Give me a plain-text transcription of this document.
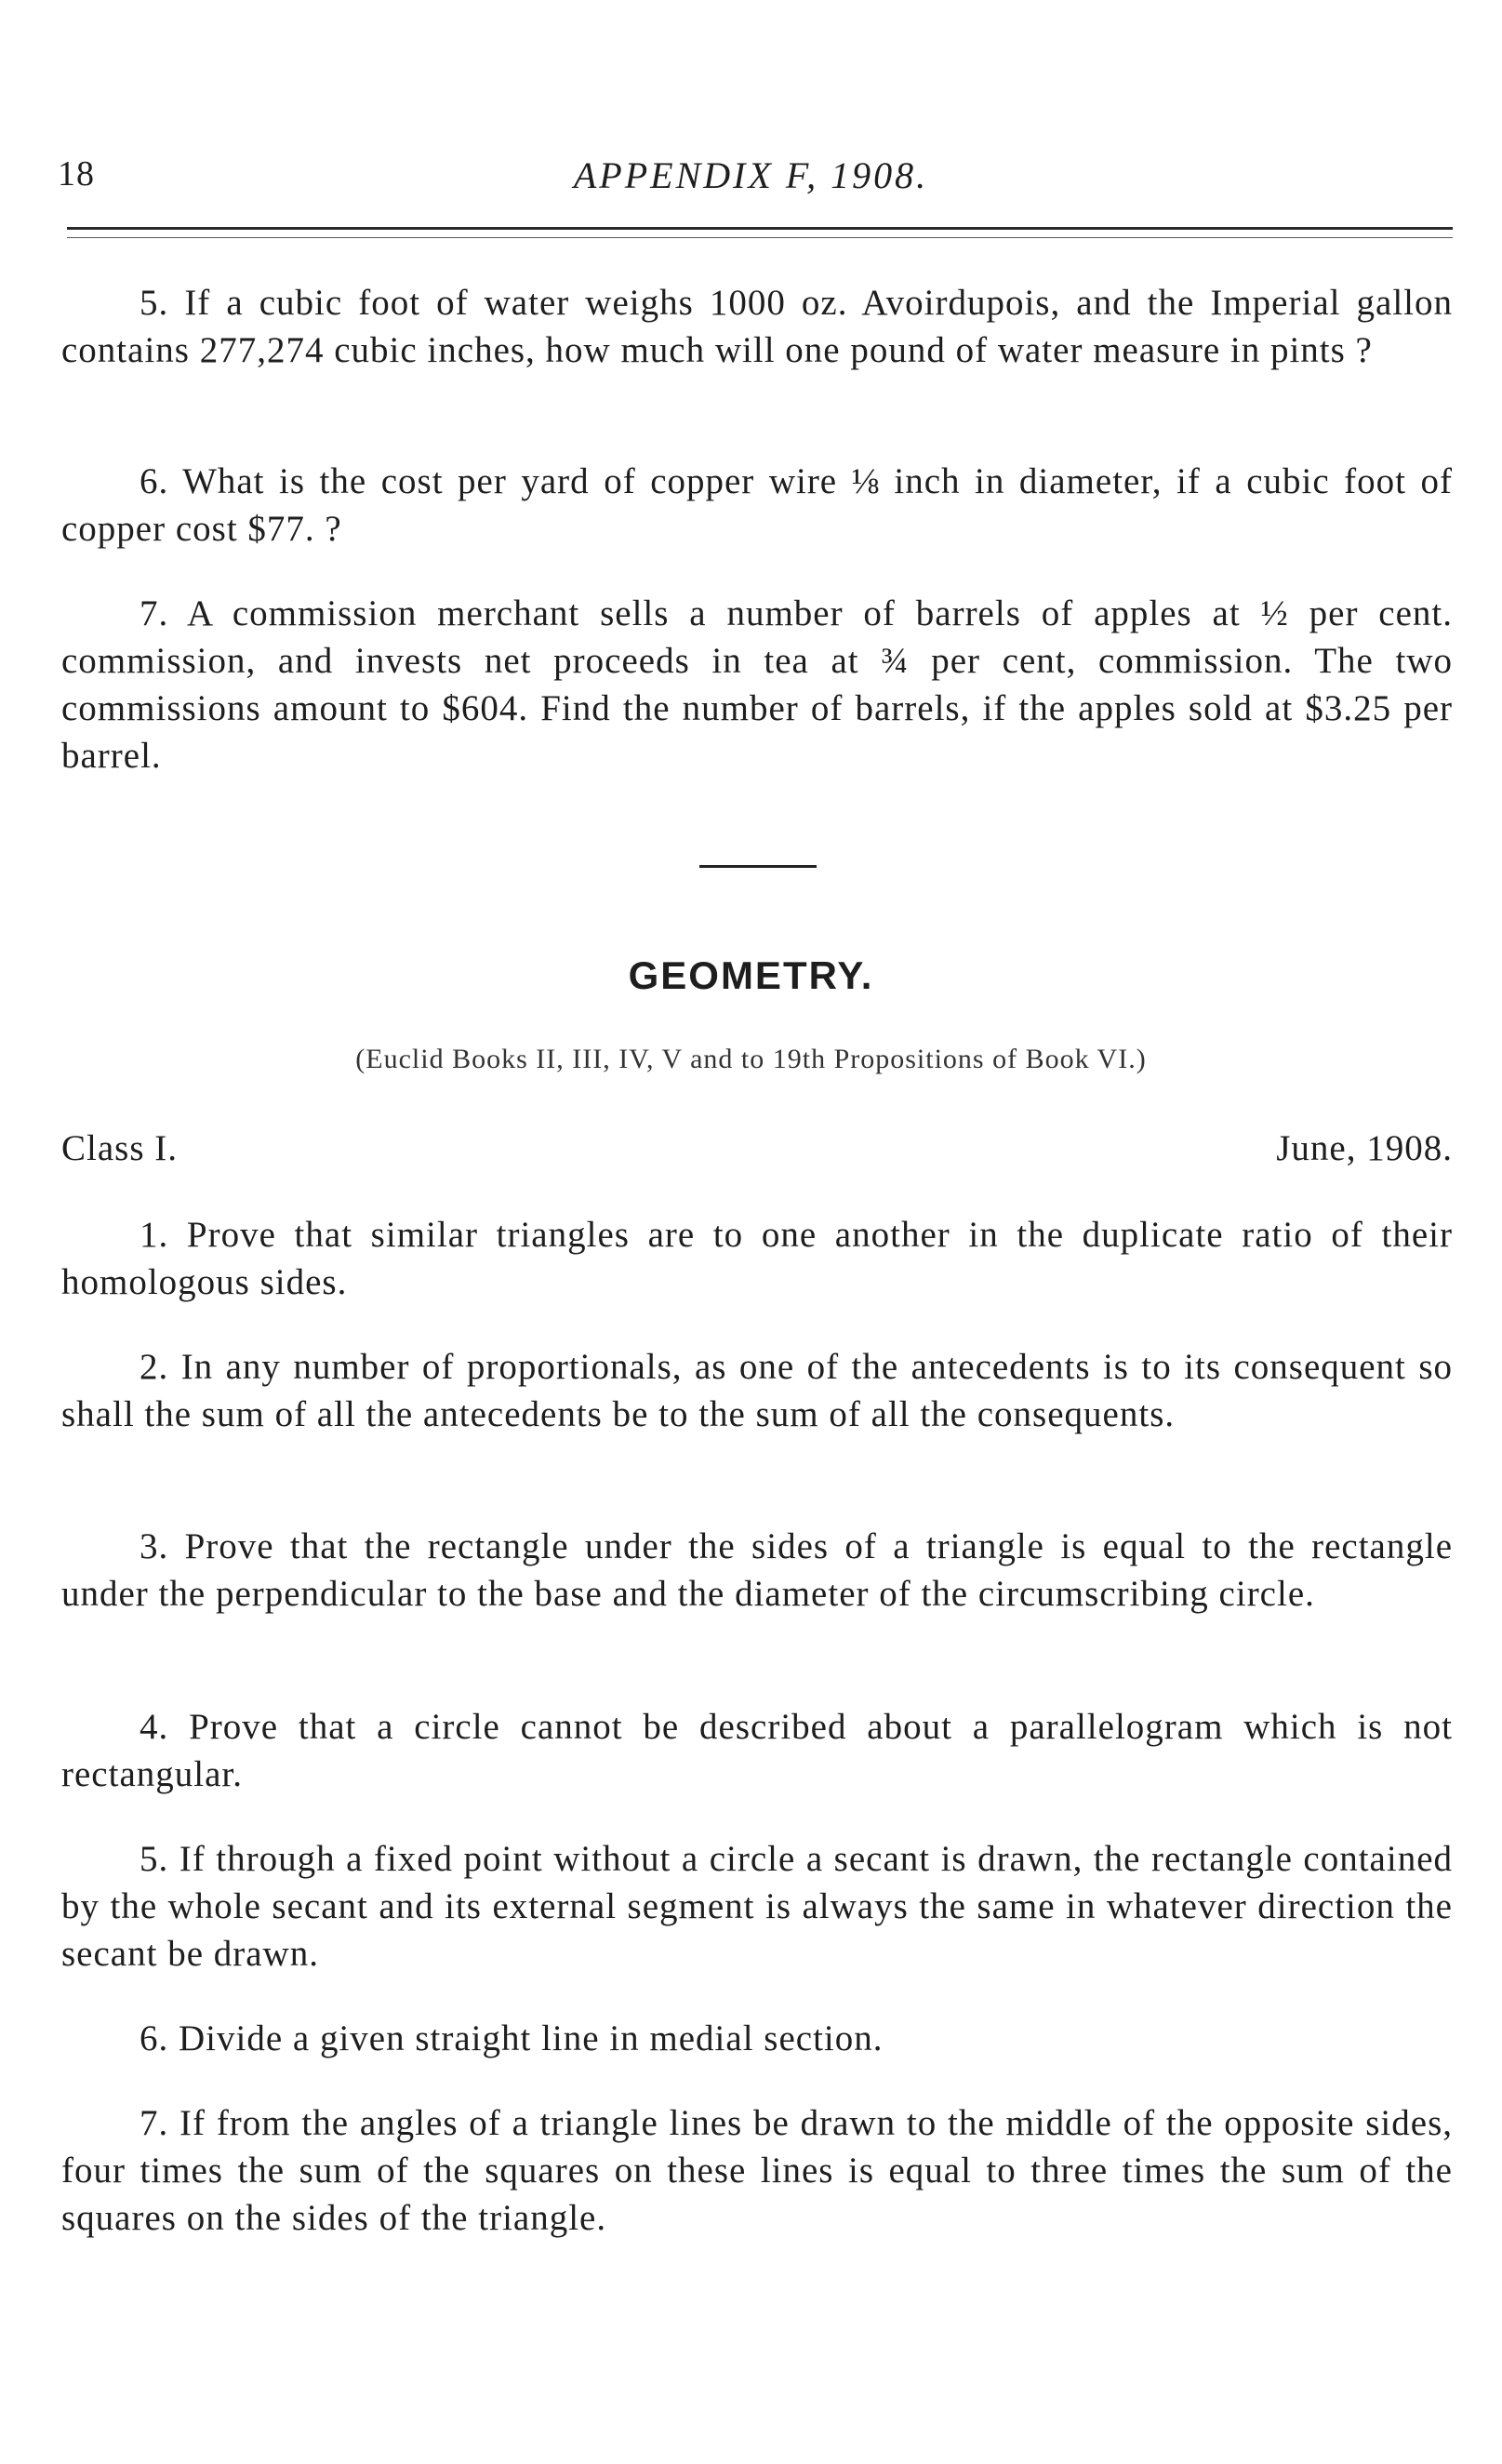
18	APPENDIX F, 1908.

5. If a cubic foot of water weighs 1000 oz. Avoirdupois, and the Imperial gallon contains 277,274 cubic inches, how much will one pound of water measure in pints ?

6. What is the cost per yard of copper wire ⅛ inch in diameter, if a cubic foot of copper cost $77. ?

7. A commission merchant sells a number of barrels of apples at ½ per cent. commission, and invests net proceeds in tea at ¾ per cent, commission. The two commissions amount to $604. Find the number of barrels, if the apples sold at $3.25 per barrel.

GEOMETRY.
(Euclid Books II, III, IV, V and to 19th Propositions of Book VI.)
Class I.	June, 1908.

1. Prove that similar triangles are to one another in the duplicate ratio of their homologous sides.

2. In any number of proportionals, as one of the antecedents is to its consequent so shall the sum of all the antecedents be to the sum of all the consequents.

3. Prove that the rectangle under the sides of a triangle is equal to the rectangle under the perpendicular to the base and the diameter of the circumscribing circle.

4. Prove that a circle cannot be described about a parallelogram which is not rectangular.

5. If through a fixed point without a circle a secant is drawn, the rectangle contained by the whole secant and its external segment is always the same in whatever direction the secant be drawn.

6. Divide a given straight line in medial section.

7. If from the angles of a triangle lines be drawn to the middle of the opposite sides, four times the sum of the squares on these lines is equal to three times the sum of the squares on the sides of the triangle.
